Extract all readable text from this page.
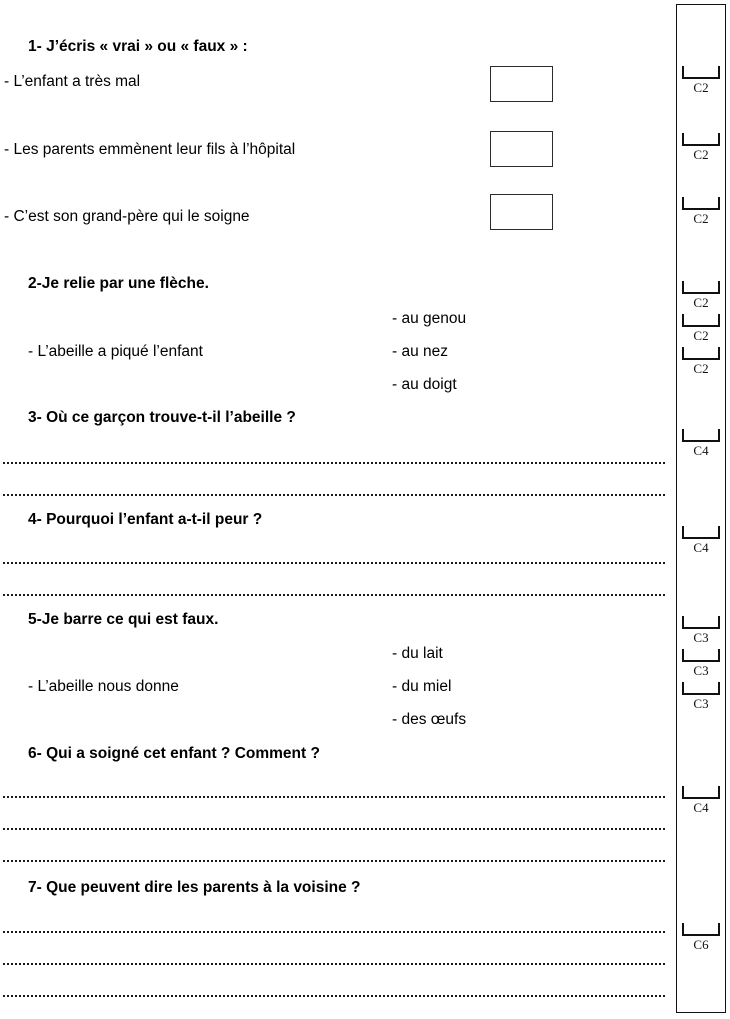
1- J’écris « vrai » ou « faux » :
- L’enfant a très mal
- Les parents emmènent leur fils à l’hôpital
- C’est son grand-père qui le soigne
2-Je relie par une flèche.
- au genou
- L’abeille a piqué l’enfant	- au nez
- au doigt
3- Où ce garçon trouve-t-il l’abeille ?
4- Pourquoi l’enfant a-t-il peur ?
5-Je barre ce qui est faux.
- du lait
- L’abeille nous donne	- du miel
- des œufs
6- Qui a soigné cet enfant ? Comment ?
7- Que peuvent dire les parents à la voisine ?
C2
C2
C2
C2
C2
C2
C4
C4
C3
C3
C3
C4
C6
